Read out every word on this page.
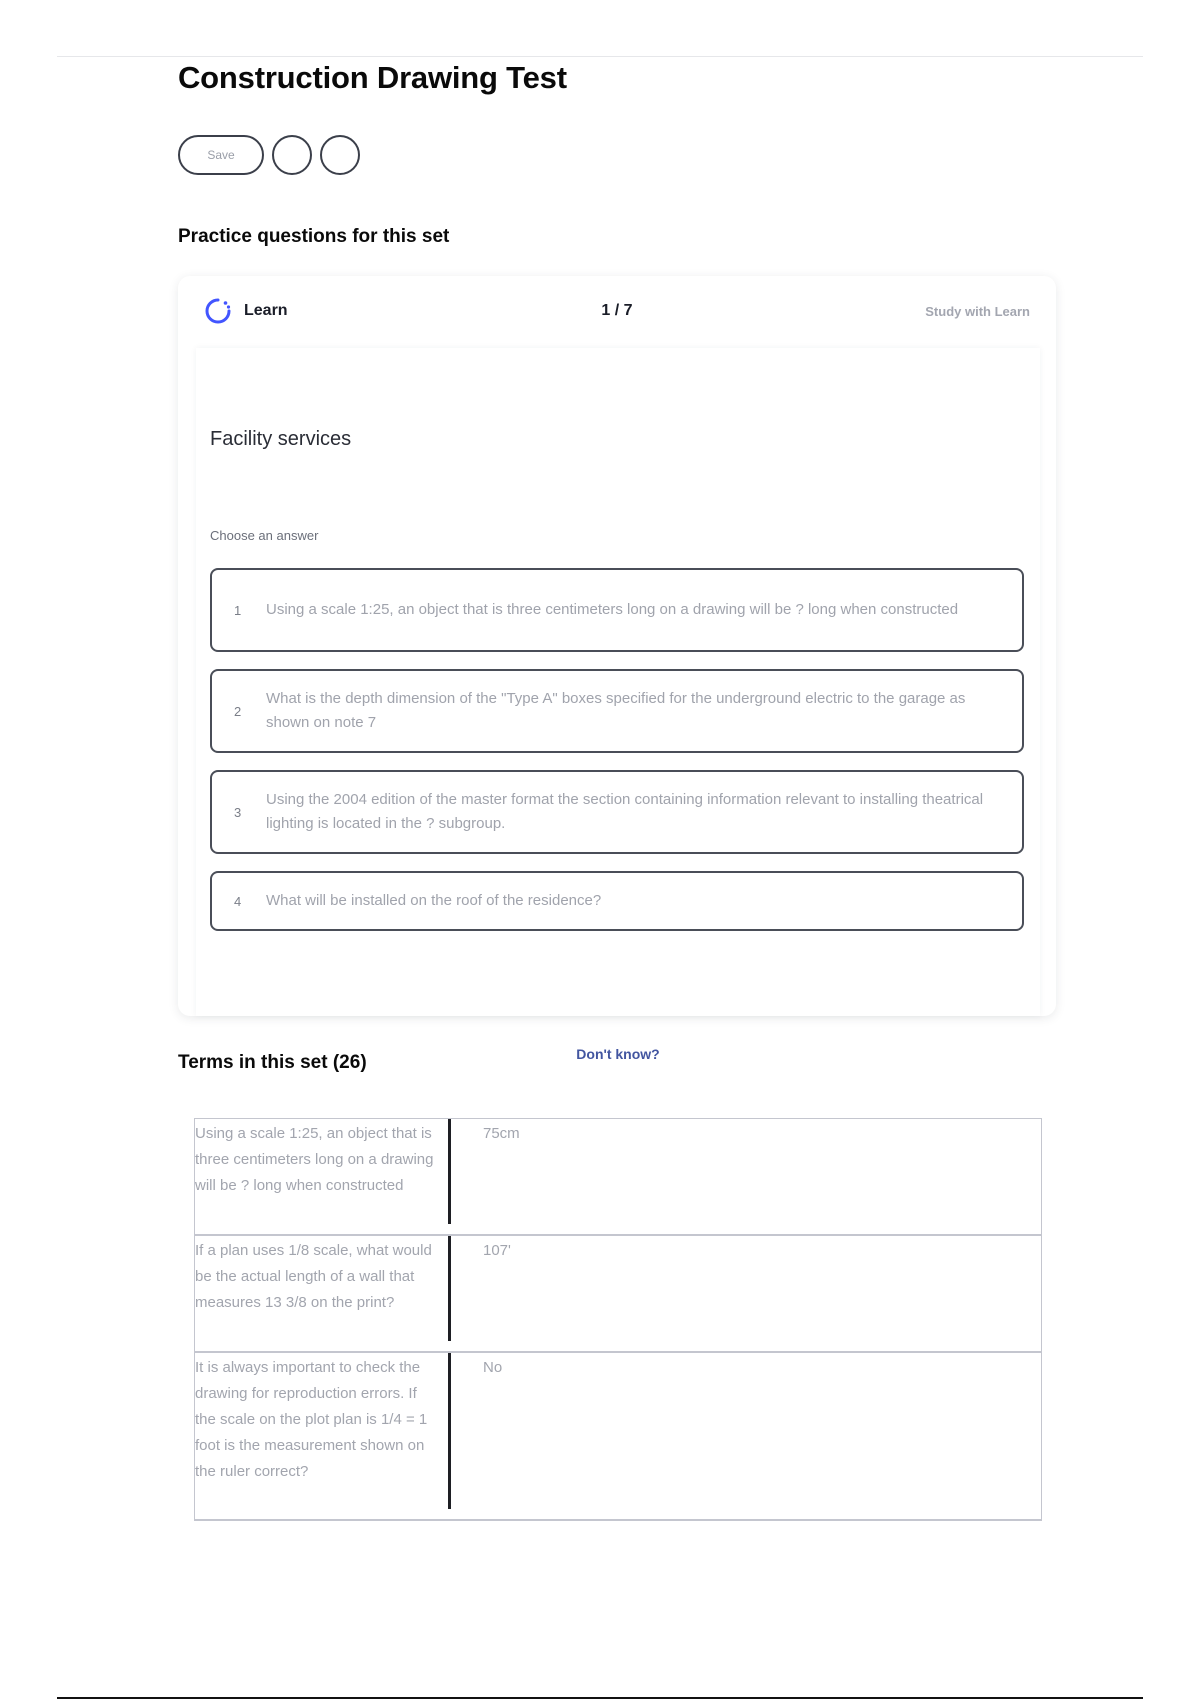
Construction Drawing Test
Save
Practice questions for this set
Learn	1 / 7	Study with Learn
Facility services
Choose an answer
1	Using a scale 1:25, an object that is three centimeters long on a drawing will be ? long when constructed
2
What is the depth dimension of the "Type A" boxes specified for the underground electric to the garage as shown on note 7
3
Using the 2004 edition of the master format the section containing information relevant to installing theatrical lighting is located in the ? subgroup.
4	What will be installed on the roof of the residence?
Don't know?
Terms in this set (26)
Using a scale 1:25, an object that is three centimeters long on a drawing will be ? long when constructed
75cm
If a plan uses 1/8 scale, what would be the actual length of a wall that measures 13 3/8 on the print?
107'
It is always important to check the drawing for reproduction errors. If the scale on the plot plan is 1/4 = 1 foot is the measurement shown on the ruler correct?
No
